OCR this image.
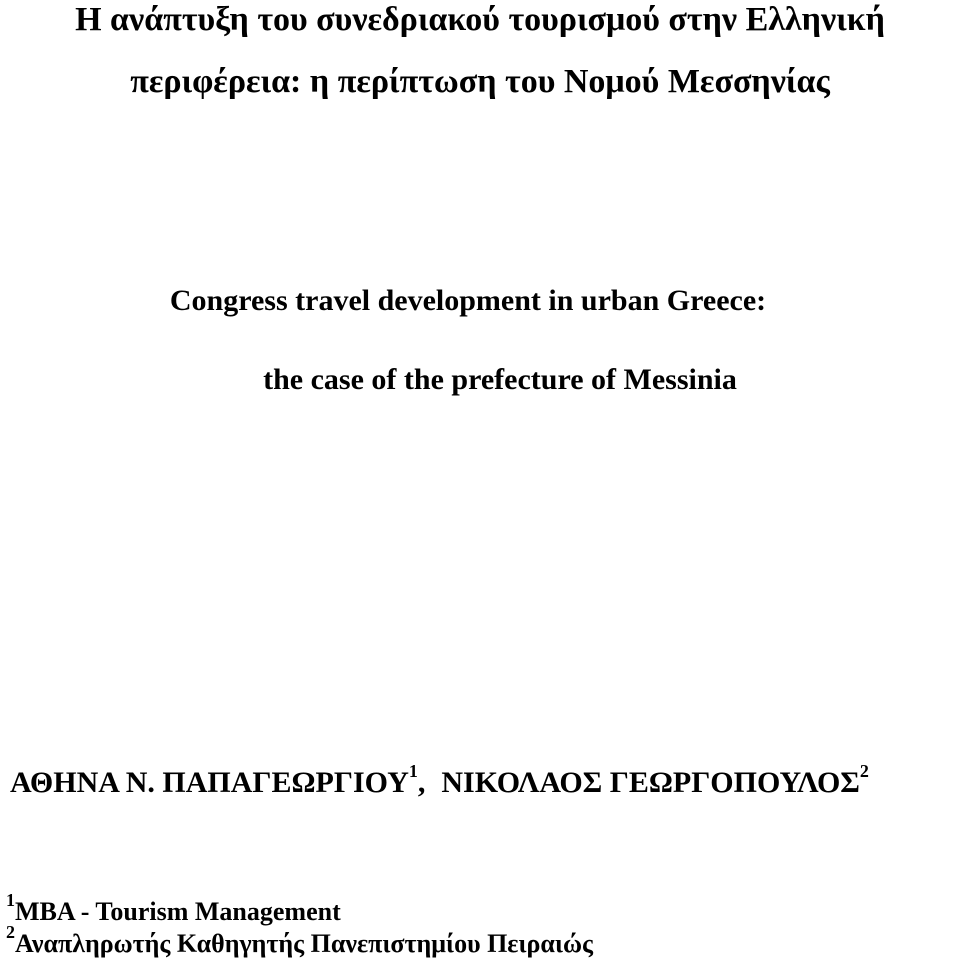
Η ανάπτυξη του συνεδριακού τουρισμού στην Ελληνική
περιφέρεια: η περίπτωση του Νομού Μεσσηνίας
Congress travel development in urban Greece:
the case of the prefecture of Messinia
ΑΘΗΝΑ Ν. ΠΑΠΑΓΕΩΡΓΙΟΥ$^1$, ΝΙΚΟΛΑΟΣ ΓΕΩΡΓΟΠΟΥΛΟΣ$^2$
$^1$MBA - Tourism Management
$^2$Αναπληρωτής Καθηγητής Πανεπιστημίου Πειραιώς
